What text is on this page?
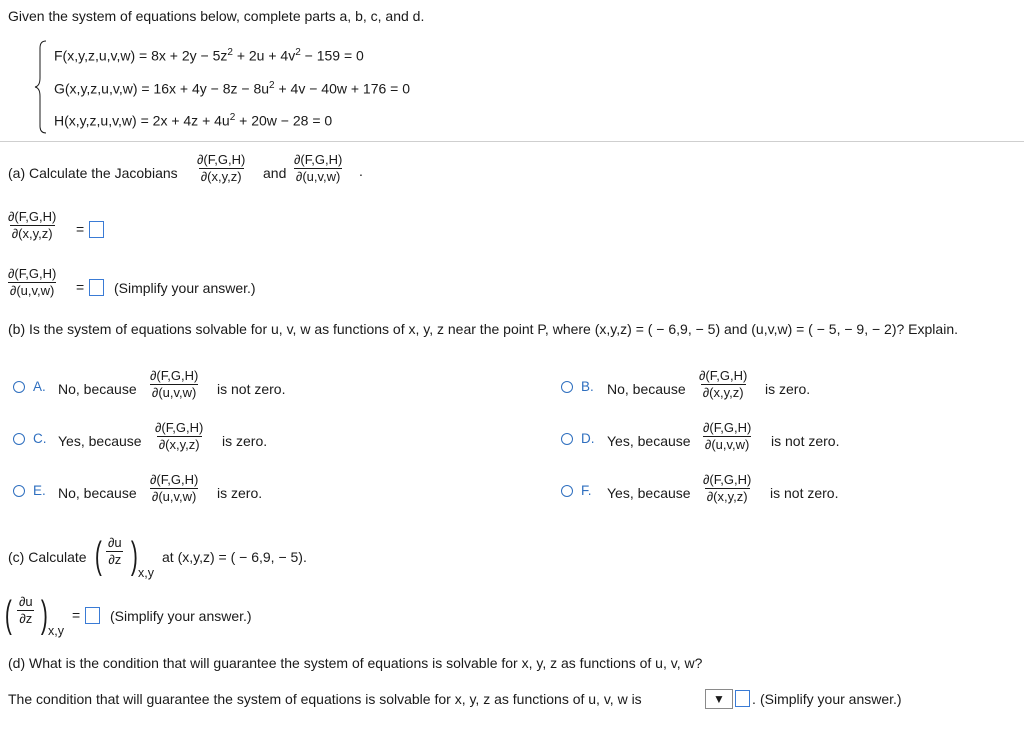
Given the system of equations below, complete parts a, b, c, and d.
$F(x,y,z,u,v,w) = 8x + 2y - 5z^2 + 2u + 4v^2 - 159 = 0$
$G(x,y,z,u,v,w) = 16x + 4y - 8z - 8u^2 + 4v - 40w + 176 = 0$
$H(x,y,z,u,v,w) = 2x + 4z + 4u^2 + 20w - 28 = 0$
(a) Calculate the Jacobians $\frac{\partial(F,G,H)}{\partial(x,y,z)}$ and $\frac{\partial(F,G,H)}{\partial(u,v,w)}$ .
$\frac{\partial(F,G,H)}{\partial(x,y,z)}$ =
$\frac{\partial(F,G,H)}{\partial(u,v,w)}$ = (Simplify your answer.)
(b) Is the system of equations solvable for u, v, w as functions of x, y, z near the point P, where (x,y,z) = ( − 6,9, − 5) and (u,v,w) = ( − 5, − 9, − 2)? Explain.
A. No, because $\frac{\partial(F,G,H)}{\partial(u,v,w)}$ is not zero.	B. No, because $\frac{\partial(F,G,H)}{\partial(x,y,z)}$ is zero.
C. Yes, because $\frac{\partial(F,G,H)}{\partial(x,y,z)}$ is zero.	D. Yes, because $\frac{\partial(F,G,H)}{\partial(u,v,w)}$ is not zero.
E. No, because $\frac{\partial(F,G,H)}{\partial(u,v,w)}$ is zero.	F. Yes, because $\frac{\partial(F,G,H)}{\partial(x,y,z)}$ is not zero.
(c) Calculate ( $\frac{\partial u}{\partial z}$ ) x,y
at (x,y,z) = ( − 6,9, − 5).
( $\frac{\partial u}{\partial z}$ ) x,y
= (Simplify your answer.)
(d) What is the condition that will guarantee the system of equations is solvable for x, y, z as functions of u, v, w?
The condition that will guarantee the system of equations is solvable for x, y, z as functions of u, v, w is	▼ . (Simplify your answer.)
